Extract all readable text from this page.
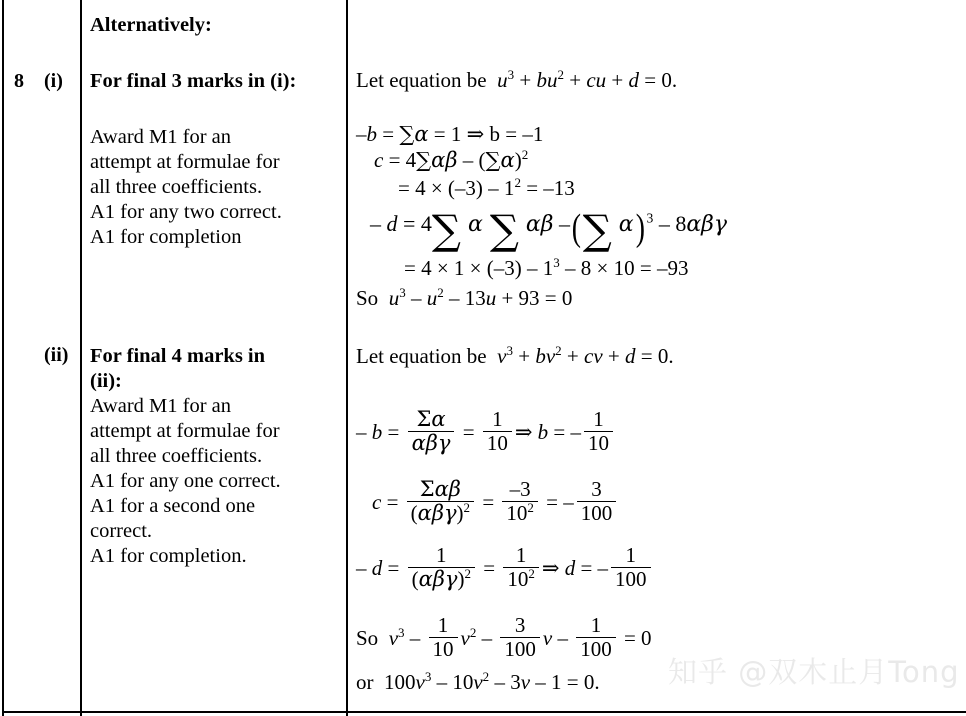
8 (i)
Alternatively:
For final 3 marks in (i):
Award M1 for an
attempt at formulae for
all three coefficients.
A1 for any two correct.
A1 for completion
Let equation be  $u^3 + bu^2$ + cu + d = 0.
–b = ∑α = 1 ⇒ b = –1
$c = 4\sum\alpha\beta - (\sum\alpha)^2$
= $4 \times (-3) - 1^2 = -13$
– d = 4∑ α ∑ αβ –(∑ α) $^3$ – 8αβγ
= $4 \times 1 \times (-3) - 1^3 - 8 \times 10 = -93$
So  $u^3 - u^2 - 13u + 93 = 0$
(ii) For final 4 marks in
(ii):
Award M1 for an
attempt at formulae for
all three coefficients.
A1 for any one correct.
A1 for a second one
correct.
A1 for completion.
Let equation be  $v^3 + bv^2$ + cv + d = 0.
– $b = \frac{\Sigma\alpha}{\text{αβγ}} = \frac{1}{10}$ ⇒ b = – $\frac{1}{10}$
$c = \frac{\text{Σαβ}}{(\alpha\beta\gamma)^2} = \frac{-3}{10^2}$ = – $\frac{3}{100}$
– $d = \frac{1}{(\alpha\beta\gamma)^2} = \frac{1}{10^2}$ ⇒ d = – $\frac{1}{100}$
So  $v^3 - \frac{1}{10} v^2 - \frac{3}{100}$ $v - \frac{1}{100} = 0$
or  $100v^3 - 10v^2 - 3v - 1 = 0$.	知乎 @双木止月Tong
